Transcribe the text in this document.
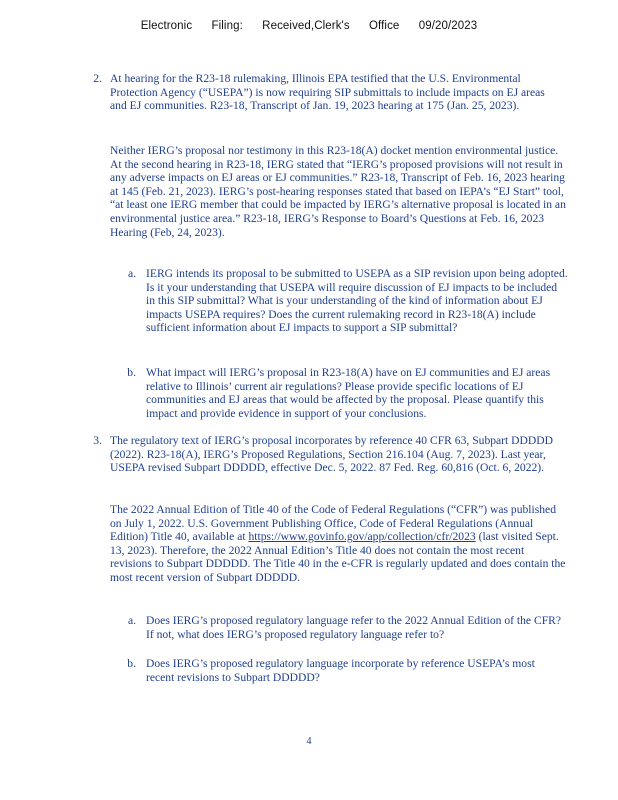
Electronic Filing: Received,Clerk's Office 09/20/2023
2. At hearing for the R23-18 rulemaking, Illinois EPA testified that the U.S. Environmental Protection Agency (“USEPA”) is now requiring SIP submittals to include impacts on EJ areas and EJ communities. R23-18, Transcript of Jan. 19, 2023 hearing at 175 (Jan. 25, 2023).
Neither IERG’s proposal nor testimony in this R23-18(A) docket mention environmental justice. At the second hearing in R23-18, IERG stated that “IERG’s proposed provisions will not result in any adverse impacts on EJ areas or EJ communities.” R23-18, Transcript of Feb. 16, 2023 hearing at 145 (Feb. 21, 2023). IERG’s post-hearing responses stated that based on IEPA’s “EJ Start” tool, “at least one IERG member that could be impacted by IERG’s alternative proposal is located in an environmental justice area.” R23-18, IERG’s Response to Board’s Questions at Feb. 16, 2023 Hearing (Feb, 24, 2023).
a. IERG intends its proposal to be submitted to USEPA as a SIP revision upon being adopted. Is it your understanding that USEPA will require discussion of EJ impacts to be included in this SIP submittal? What is your understanding of the kind of information about EJ impacts USEPA requires? Does the current rulemaking record in R23-18(A) include sufficient information about EJ impacts to support a SIP submittal?
b. What impact will IERG’s proposal in R23-18(A) have on EJ communities and EJ areas relative to Illinois’ current air regulations? Please provide specific locations of EJ communities and EJ areas that would be affected by the proposal. Please quantify this impact and provide evidence in support of your conclusions.
3. The regulatory text of IERG’s proposal incorporates by reference 40 CFR 63, Subpart DDDDD (2022). R23-18(A), IERG’s Proposed Regulations, Section 216.104 (Aug. 7, 2023). Last year, USEPA revised Subpart DDDDD, effective Dec. 5, 2022. 87 Fed. Reg. 60,816 (Oct. 6, 2022).
The 2022 Annual Edition of Title 40 of the Code of Federal Regulations (“CFR”) was published on July 1, 2022. U.S. Government Publishing Office, Code of Federal Regulations (Annual Edition) Title 40, available at https://www.govinfo.gov/app/collection/cfr/2023 (last visited Sept. 13, 2023). Therefore, the 2022 Annual Edition’s Title 40 does not contain the most recent revisions to Subpart DDDDD. The Title 40 in the e-CFR is regularly updated and does contain the most recent version of Subpart DDDDD.
a. Does IERG’s proposed regulatory language refer to the 2022 Annual Edition of the CFR? If not, what does IERG’s proposed regulatory language refer to?
b. Does IERG’s proposed regulatory language incorporate by reference USEPA’s most recent revisions to Subpart DDDDD?
4
